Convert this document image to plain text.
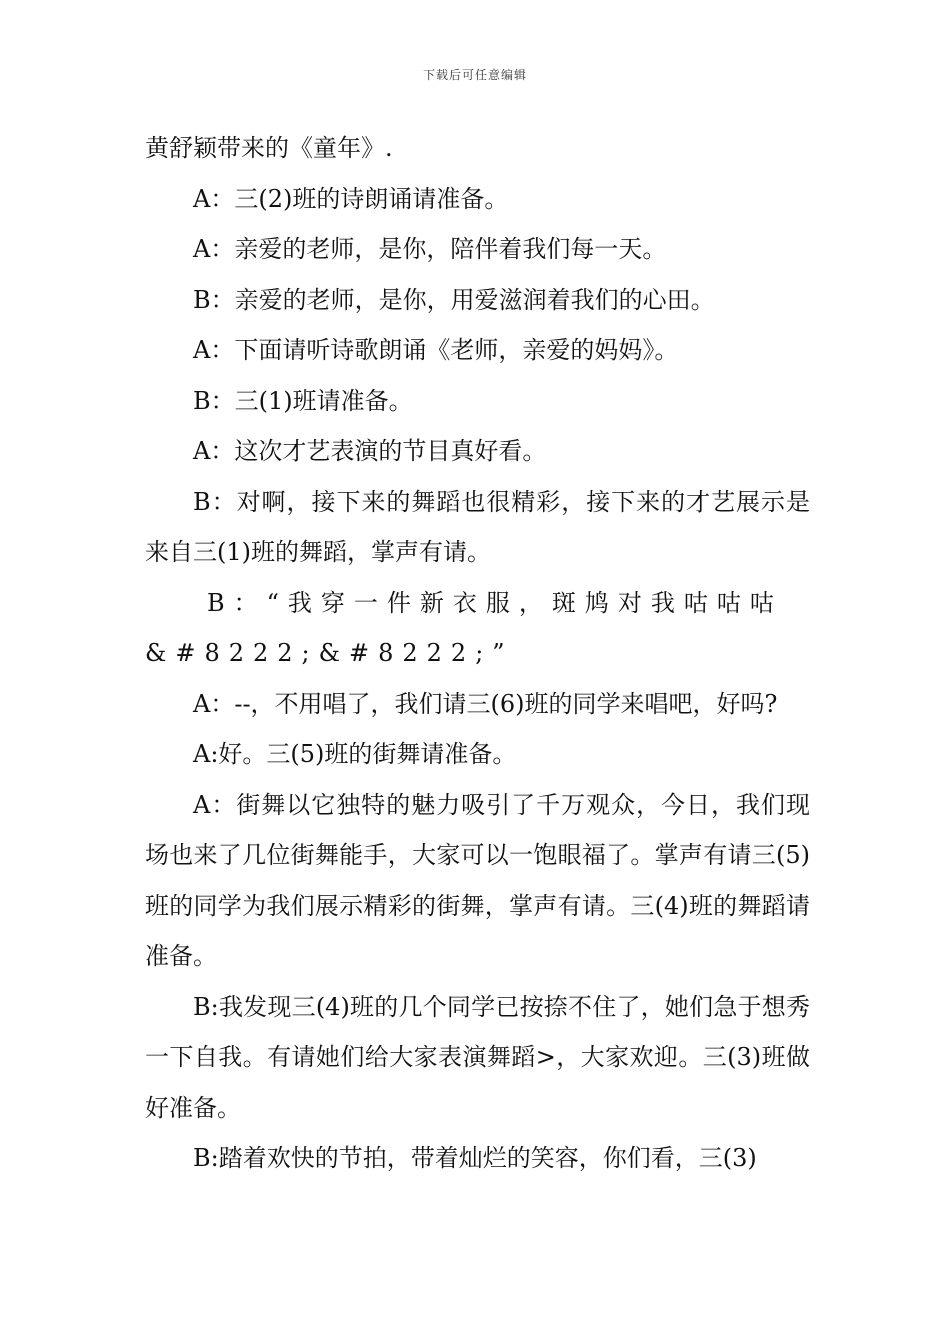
下载后可任意编辑

黄舒颖带来的《童年》.

A：三(2)班的诗朗诵请准备。

A：亲爱的老师，是你，陪伴着我们每一天。

B：亲爱的老师，是你，用爱滋润着我们的心田。

A：下面请听诗歌朗诵《老师，亲爱的妈妈》。

B：三(1)班请准备。

A：这次才艺表演的节目真好看。

B：对啊，接下来的舞蹈也很精彩，接下来的才艺展示是来自三(1)班的舞蹈，掌声有请。

B：“我穿一件新衣服，斑鸠对我咕咕咕 &#8222;&#8222;”

A：--，不用唱了，我们请三(6)班的同学来唱吧，好吗?

A:好。三(5)班的街舞请准备。

A：街舞以它独特的魅力吸引了千万观众，今日，我们现场也来了几位街舞能手，大家可以一饱眼福了。掌声有请三(5)班的同学为我们展示精彩的街舞，掌声有请。三(4)班的舞蹈请准备。

B:我发现三(4)班的几个同学已按捺不住了，她们急于想秀一下自我。有请她们给大家表演舞蹈>，大家欢迎。三(3)班做好准备。

B:踏着欢快的节拍，带着灿烂的笑容，你们看，三(3)
